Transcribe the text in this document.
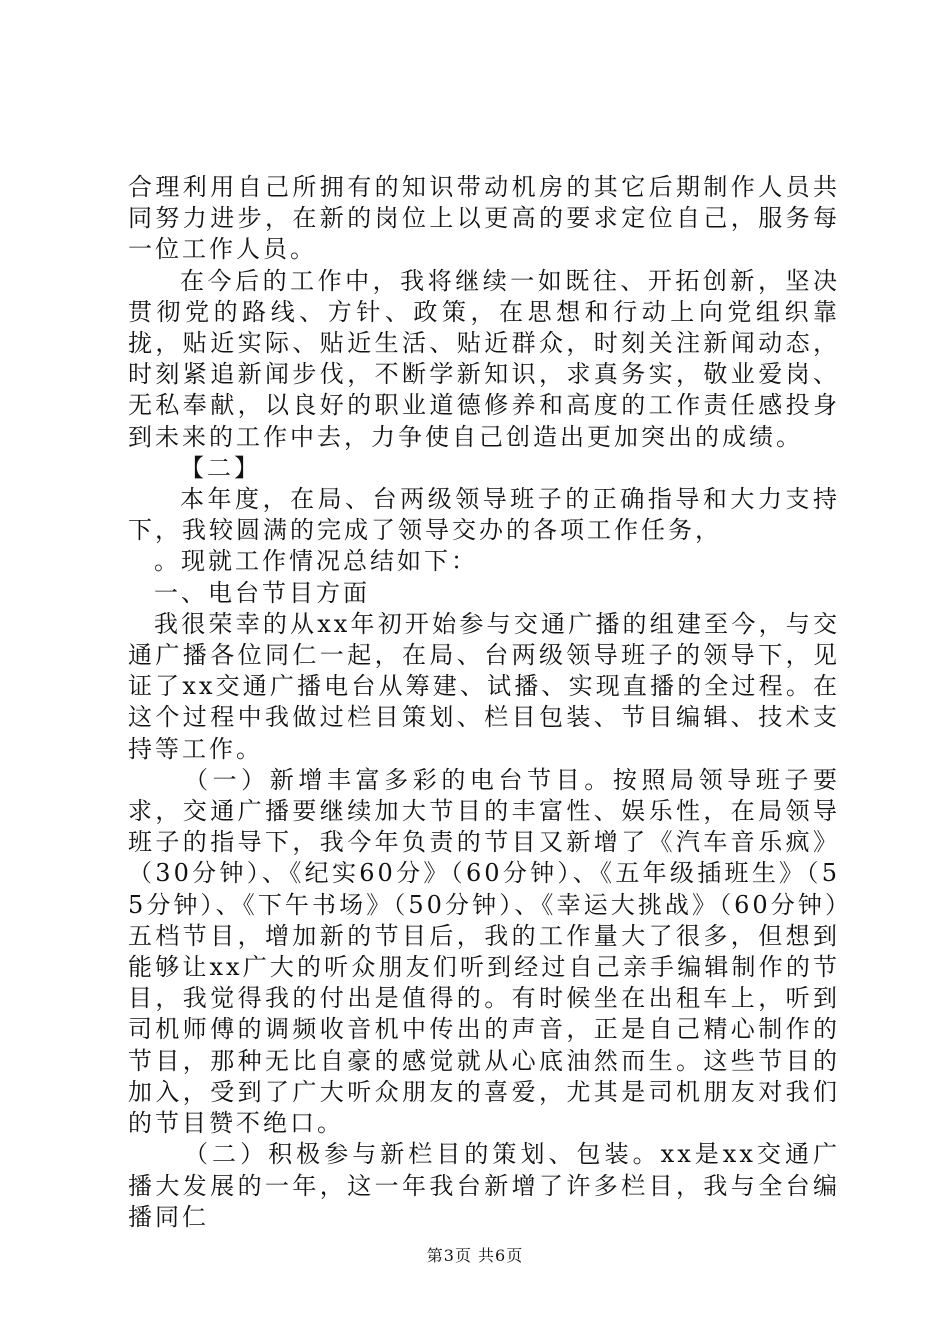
合理利用自己所拥有的知识带动机房的其它后期制作人员共同努力进步，在新的岗位上以更高的要求定位自己，服务每一位工作人员。

在今后的工作中，我将继续一如既往、开拓创新，坚决贯彻党的路线、方针、政策，在思想和行动上向党组织靠拢，贴近实际、贴近生活、贴近群众，时刻关注新闻动态，时刻紧追新闻步伐，不断学新知识，求真务实，敬业爱岗、无私奉献，以良好的职业道德修养和高度的工作责任感投身到未来的工作中去，力争使自己创造出更加突出的成绩。

【二】

本年度，在局、台两级领导班子的正确指导和大力支持下，我较圆满的完成了领导交办的各项工作任务，

。现就工作情况总结如下：

一、电台节目方面

我很荣幸的从xx年初开始参与交通广播的组建至今，与交通广播各位同仁一起，在局、台两级领导班子的领导下，见证了xx交通广播电台从筹建、试播、实现直播的全过程。在这个过程中我做过栏目策划、栏目包装、节目编辑、技术支持等工作。

（一）新增丰富多彩的电台节目。按照局领导班子要求，交通广播要继续加大节目的丰富性、娱乐性，在局领导班子的指导下，我今年负责的节目又新增了《汽车音乐疯》（30分钟）、《纪实60分》（60分钟）、《五年级插班生》（55分钟）、《下午书场》（50分钟）、《幸运大挑战》（60分钟）五档节目，增加新的节目后，我的工作量大了很多，但想到能够让xx广大的听众朋友们听到经过自己亲手编辑制作的节目，我觉得我的付出是值得的。有时候坐在出租车上，听到司机师傅的调频收音机中传出的声音，正是自己精心制作的节目，那种无比自豪的感觉就从心底油然而生。这些节目的加入，受到了广大听众朋友的喜爱，尤其是司机朋友对我们的节目赞不绝口。

（二）积极参与新栏目的策划、包装。xx是xx交通广播大发展的一年，这一年我台新增了许多栏目，我与全台编播同仁

第3页 共6页
